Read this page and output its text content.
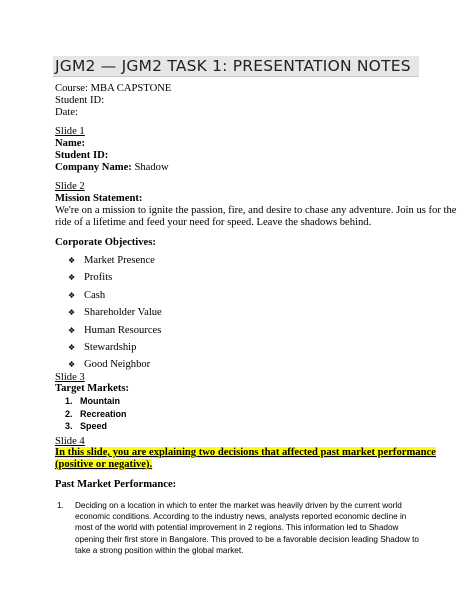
JGM2 — JGM2 TASK 1: PRESENTATION NOTES
Course: MBA CAPSTONE
Student ID:
Date:
Slide 1
Name:
Student ID:
Company Name: Shadow
Slide 2
Mission Statement:
We're on a mission to ignite the passion, fire, and desire to chase any adventure. Join us for the
ride of a lifetime and feed your need for speed. Leave the shadows behind.
Corporate Objectives:
❖ Market Presence
❖ Profits
❖ Cash
❖ Shareholder Value
❖ Human Resources
❖ Stewardship
❖ Good Neighbor
Slide 3
Target Markets:
1. Mountain
2. Recreation
3. Speed
Slide 4
In this slide, you are explaining two decisions that affected past market performance
(positive or negative).
Past Market Performance:
1. Deciding on a location in which to enter the market was heavily driven by the current world
economic conditions. According to the industry news, analysts reported economic decline in
most of the world with potential improvement in 2 regions. This information led to Shadow
opening their first store in Bangalore. This proved to be a favorable decision leading Shadow to
take a strong position within the global market.
